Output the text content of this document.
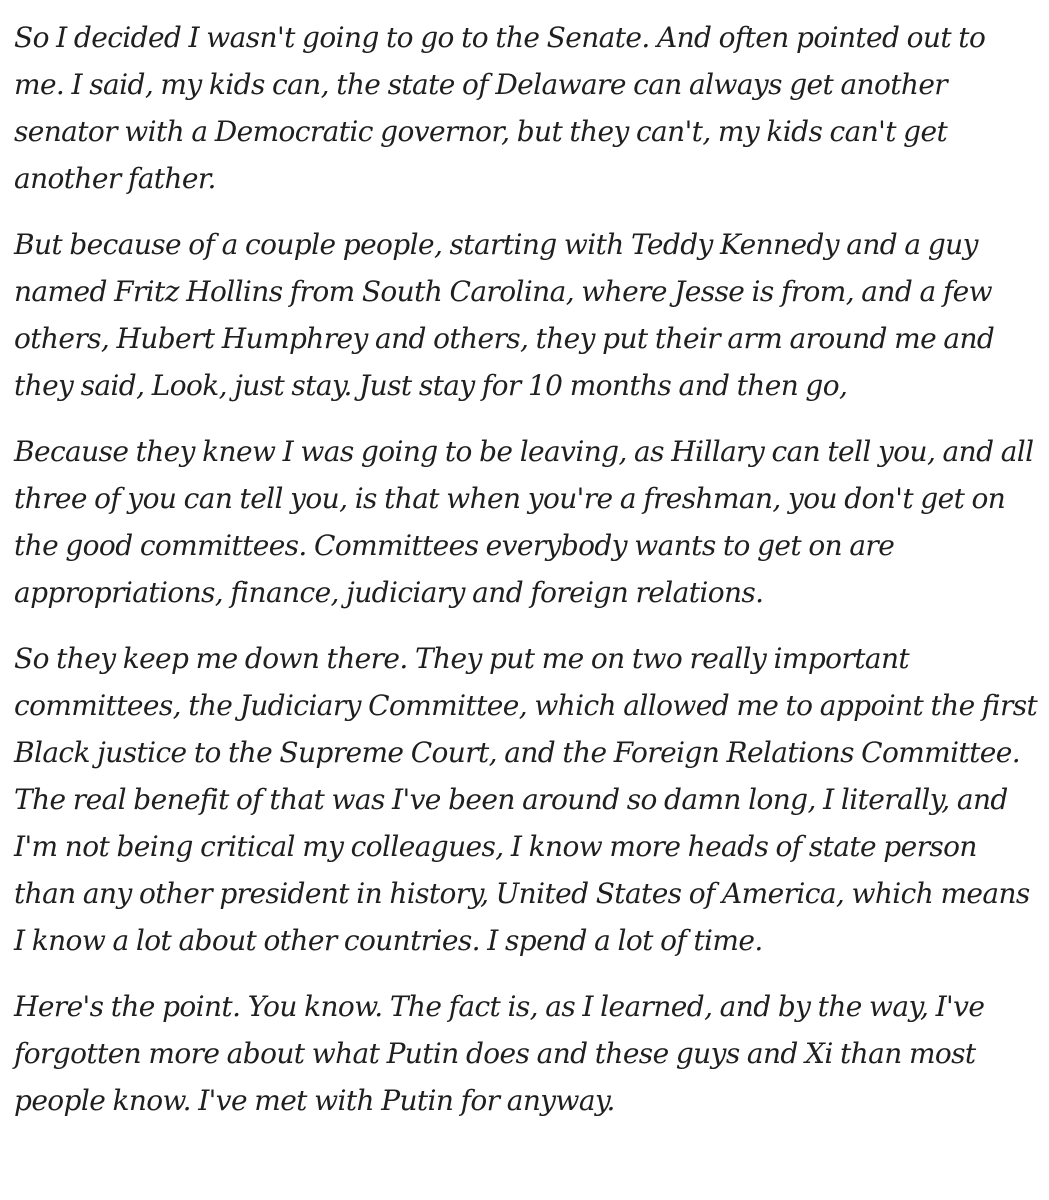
So I decided I wasn't going to go to the Senate. And often pointed out to me. I said, my kids can, the state of Delaware can always get another senator with a Democratic governor, but they can't, my kids can't get another father.

But because of a couple people, starting with Teddy Kennedy and a guy named Fritz Hollins from South Carolina, where Jesse is from, and a few others, Hubert Humphrey and others, they put their arm around me and they said, Look, just stay. Just stay for 10 months and then go,

Because they knew I was going to be leaving, as Hillary can tell you, and all three of you can tell you, is that when you're a freshman, you don't get on the good committees. Committees everybody wants to get on are appropriations, finance, judiciary and foreign relations.

So they keep me down there. They put me on two really important committees, the Judiciary Committee, which allowed me to appoint the first Black justice to the Supreme Court, and the Foreign Relations Committee. The real benefit of that was I've been around so damn long, I literally, and I'm not being critical my colleagues, I know more heads of state person than any other president in history, United States of America, which means I know a lot about other countries. I spend a lot of time.

Here's the point. You know. The fact is, as I learned, and by the way, I've forgotten more about what Putin does and these guys and Xi than most people know. I've met with Putin for anyway.
